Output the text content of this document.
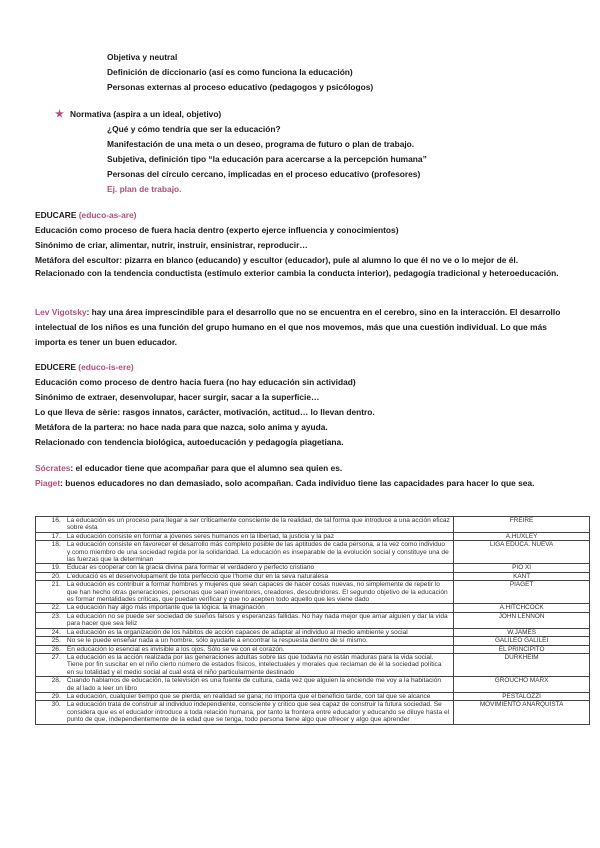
Objetiva y neutral
Definición de diccionario (así es como funciona la educación)
Personas externas al proceso educativo (pedagogos y psicólogos)
★ Normativa (aspira a un ideal, objetivo)
¿Qué y cómo tendría que ser la educación?
Manifestación de una meta o un deseo, programa de futuro o plan de trabajo.
Subjetiva, definición tipo “la educación para acercarse a la percepción humana”
Personas del círculo cercano, implicadas en el proceso educativo (profesores)
Ej. plan de trabajo.
EDUCARE (educo-as-are)
Educación como proceso de fuera hacia dentro (experto ejerce influencia y conocimientos)
Sinónimo de criar, alimentar, nutrir, instruir, ensinistrar, reproducir…
Metáfora del escultor: pizarra en blanco (educando) y escultor (educador), pule al alumno lo que él no ve o lo mejor de él.
Relacionado con la tendencia conductista (estímulo exterior cambia la conducta interior), pedagogía tradicional y heteroeducación.
Lev Vigotsky: hay una área imprescindible para el desarrollo que no se encuentra en el cerebro, sino en la interacción. El desarrollo intelectual de los niños es una función del grupo humano en el que nos movemos, más que una cuestión individual. Lo que más importa es tener un buen educador.
EDUCERE (educo-is-ere)
Educación como proceso de dentro hacia fuera (no hay educación sin actividad)
Sinónimo de extraer, desenvolupar, hacer surgir, sacar a la superficie…
Lo que lleva de sèrie: rasgos innatos, carácter, motivación, actitud… lo llevan dentro.
Metáfora de la partera: no hace nada para que nazca, solo anima y ayuda.
Relacionado con tendencia biológica, autoeducación y pedagogía piagetiana.
Sócrates: el educador tiene que acompañar para que el alumno sea quien es.
Piaget: buenos educadores no dan demasiado, solo acompañan. Cada individuo tiene las capacidades para hacer lo que sea.
16.	La educación es un proceso para llegar a ser críticamente consciente de la realidad, de tal forma que introduce a una acción eficaz sobre ésta	FREIRE
17.	La educación consiste en formar a jóvenes seres humanos en la libertad, la justicia y la paz	A.HUXLEY
18.	La educación consiste en favorecer el desarrollo más completo posible de las aptitudes de cada persona, a la vez como individuo y como miembro de una sociedad regida por la solidaridad. La educación es inseparable de la evolución social y constituye una de las fuerzas que la determinan	LIGA EDUCA. NUEVA
19.	Educar es cooperar con la gracia divina para formar el verdadero y perfecto cristiano	PIO XI
20.	L'educació es el desenvolupament de tota perfecció que l'home dur en la seva naturalesa	KANT
21.	La educación es contribuir a formar hombres y mujeres que sean capaces de hacer cosas nuevas, no simplemente de repetir lo que han hecho otras generaciones, personas que sean inventores, creadores, descubridores. El segundo objetivo de la educación es formar mentalidades críticas, que puedan verificar y que no acepten todo aquello que les viene dado	PIAGET
22.	La educación hay algo más importante que la lógica: la imaginación	A.HITCHCOCK
23.	La educación no se puede ser sociedad de sueños falsos y esperanzas fallidas. No hay nada mejor que amar alguien y dar la vida para hacer que sea feliz	JOHN LENNON
24.	La educación es la organización de los hábitos de acción capaces de adaptar al individuo al medio ambiente y social	W.JAMES
25.	No se le puede enseñar nada a un hombre, sólo ayudarle a encontrar la respuesta dentro de sí mismo.	GALILEO GALILEI
26.	En educación lo esencial es invisible a los ojos. Sólo se ve con el corazón.	EL PRINCIPITO
27.	La educación es la acción realizada por las generaciones adultas sobre las que todavía no están maduras para la vida social. Tiene por fin suscitar en el niño cierto número de estados físicos, intelectuales y morales que reclaman de él la sociedad política en su totalidad y el medio social al cual está el niño particularmente destinado	DURKHEIM
28.	Cuando hablamos de educación, la televisión es una fuente de cultura, cada vez que alguien la enciende me voy a la habitación de al lado a leer un libro	GROUCHO MARX
29.	La educación, cualquier tiempo que se pierda, en realidad se gana; no importa que el beneficio tarde, con tal que se alcance	PESTALOZZI
30.	La educación trata de construir al individuo independiente, consciente y crítico que sea capaz de construir la futura sociedad. Se considera que es el educador introduce a toda relación humana, por tanto la frontera entre educador y educando se diluye hasta el punto de que, independientemente de la edad que se tenga, todo persona tiene algo que ofrecer y algo que aprender	MOVIMIENTO ANARQUISTA
